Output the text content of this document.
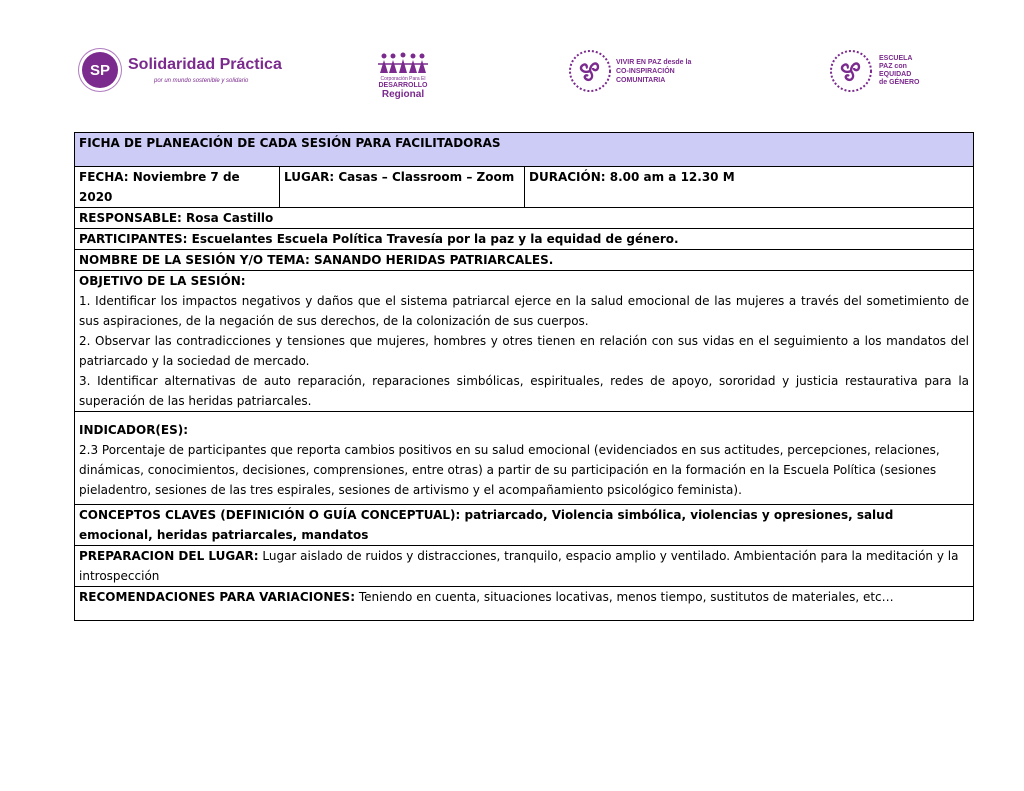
SP Solidaridad Práctica
por un mundo sostenible y solidario	Corporación Para El
DESARROLLO
Regional
VIVIR EN PAZ desde la
CO-INSPIRACIÓN
COMUNITARIA
ESCUELA
PAZ con
EQUIDAD
de GÉNERO
FICHA DE PLANEACIÓN DE CADA SESIÓN PARA FACILITADORAS
FECHA: Noviembre 7 de 2020	LUGAR: Casas – Classroom – Zoom	DURACIÓN: 8.00 am a 12.30 M
RESPONSABLE: Rosa Castillo
PARTICIPANTES: Escuelantes Escuela Política Travesía por la paz y la equidad de género.
NOMBRE DE LA SESIÓN Y/O TEMA: SANANDO HERIDAS PATRIARCALES.

OBJETIVO DE LA SESIÓN:

1. Identificar los impactos negativos y daños que el sistema patriarcal ejerce en la salud emocional de las mujeres a través del sometimiento de sus aspiraciones, de la negación de sus derechos, de la colonización de sus cuerpos.

2. Observar las contradicciones y tensiones que mujeres, hombres y otres tienen en relación con sus vidas en el seguimiento a los mandatos del patriarcado y la sociedad de mercado.

3. Identificar alternativas de auto reparación, reparaciones simbólicas, espirituales, redes de apoyo, sororidad y justicia restaurativa para la superación de las heridas patriarcales.

INDICADOR(ES):

2.3 Porcentaje de participantes que reporta cambios positivos en su salud emocional (evidenciados en sus actitudes, percepciones, relaciones, dinámicas, conocimientos, decisiones, comprensiones, entre otras) a partir de su participación en la formación en la Escuela Política (sesiones pieladentro, sesiones de las tres espirales, sesiones de artivismo y el acompañamiento psicológico feminista).

CONCEPTOS CLAVES (DEFINICIÓN O GUÍA CONCEPTUAL): patriarcado, Violencia simbólica, violencias y opresiones, salud emocional, heridas patriarcales, mandatos
PREPARACION DEL LUGAR: Lugar aislado de ruidos y distracciones, tranquilo, espacio amplio y ventilado. Ambientación para la meditación y la introspección
RECOMENDACIONES PARA VARIACIONES: Teniendo en cuenta, situaciones locativas, menos tiempo, sustitutos de materiales, etc…
